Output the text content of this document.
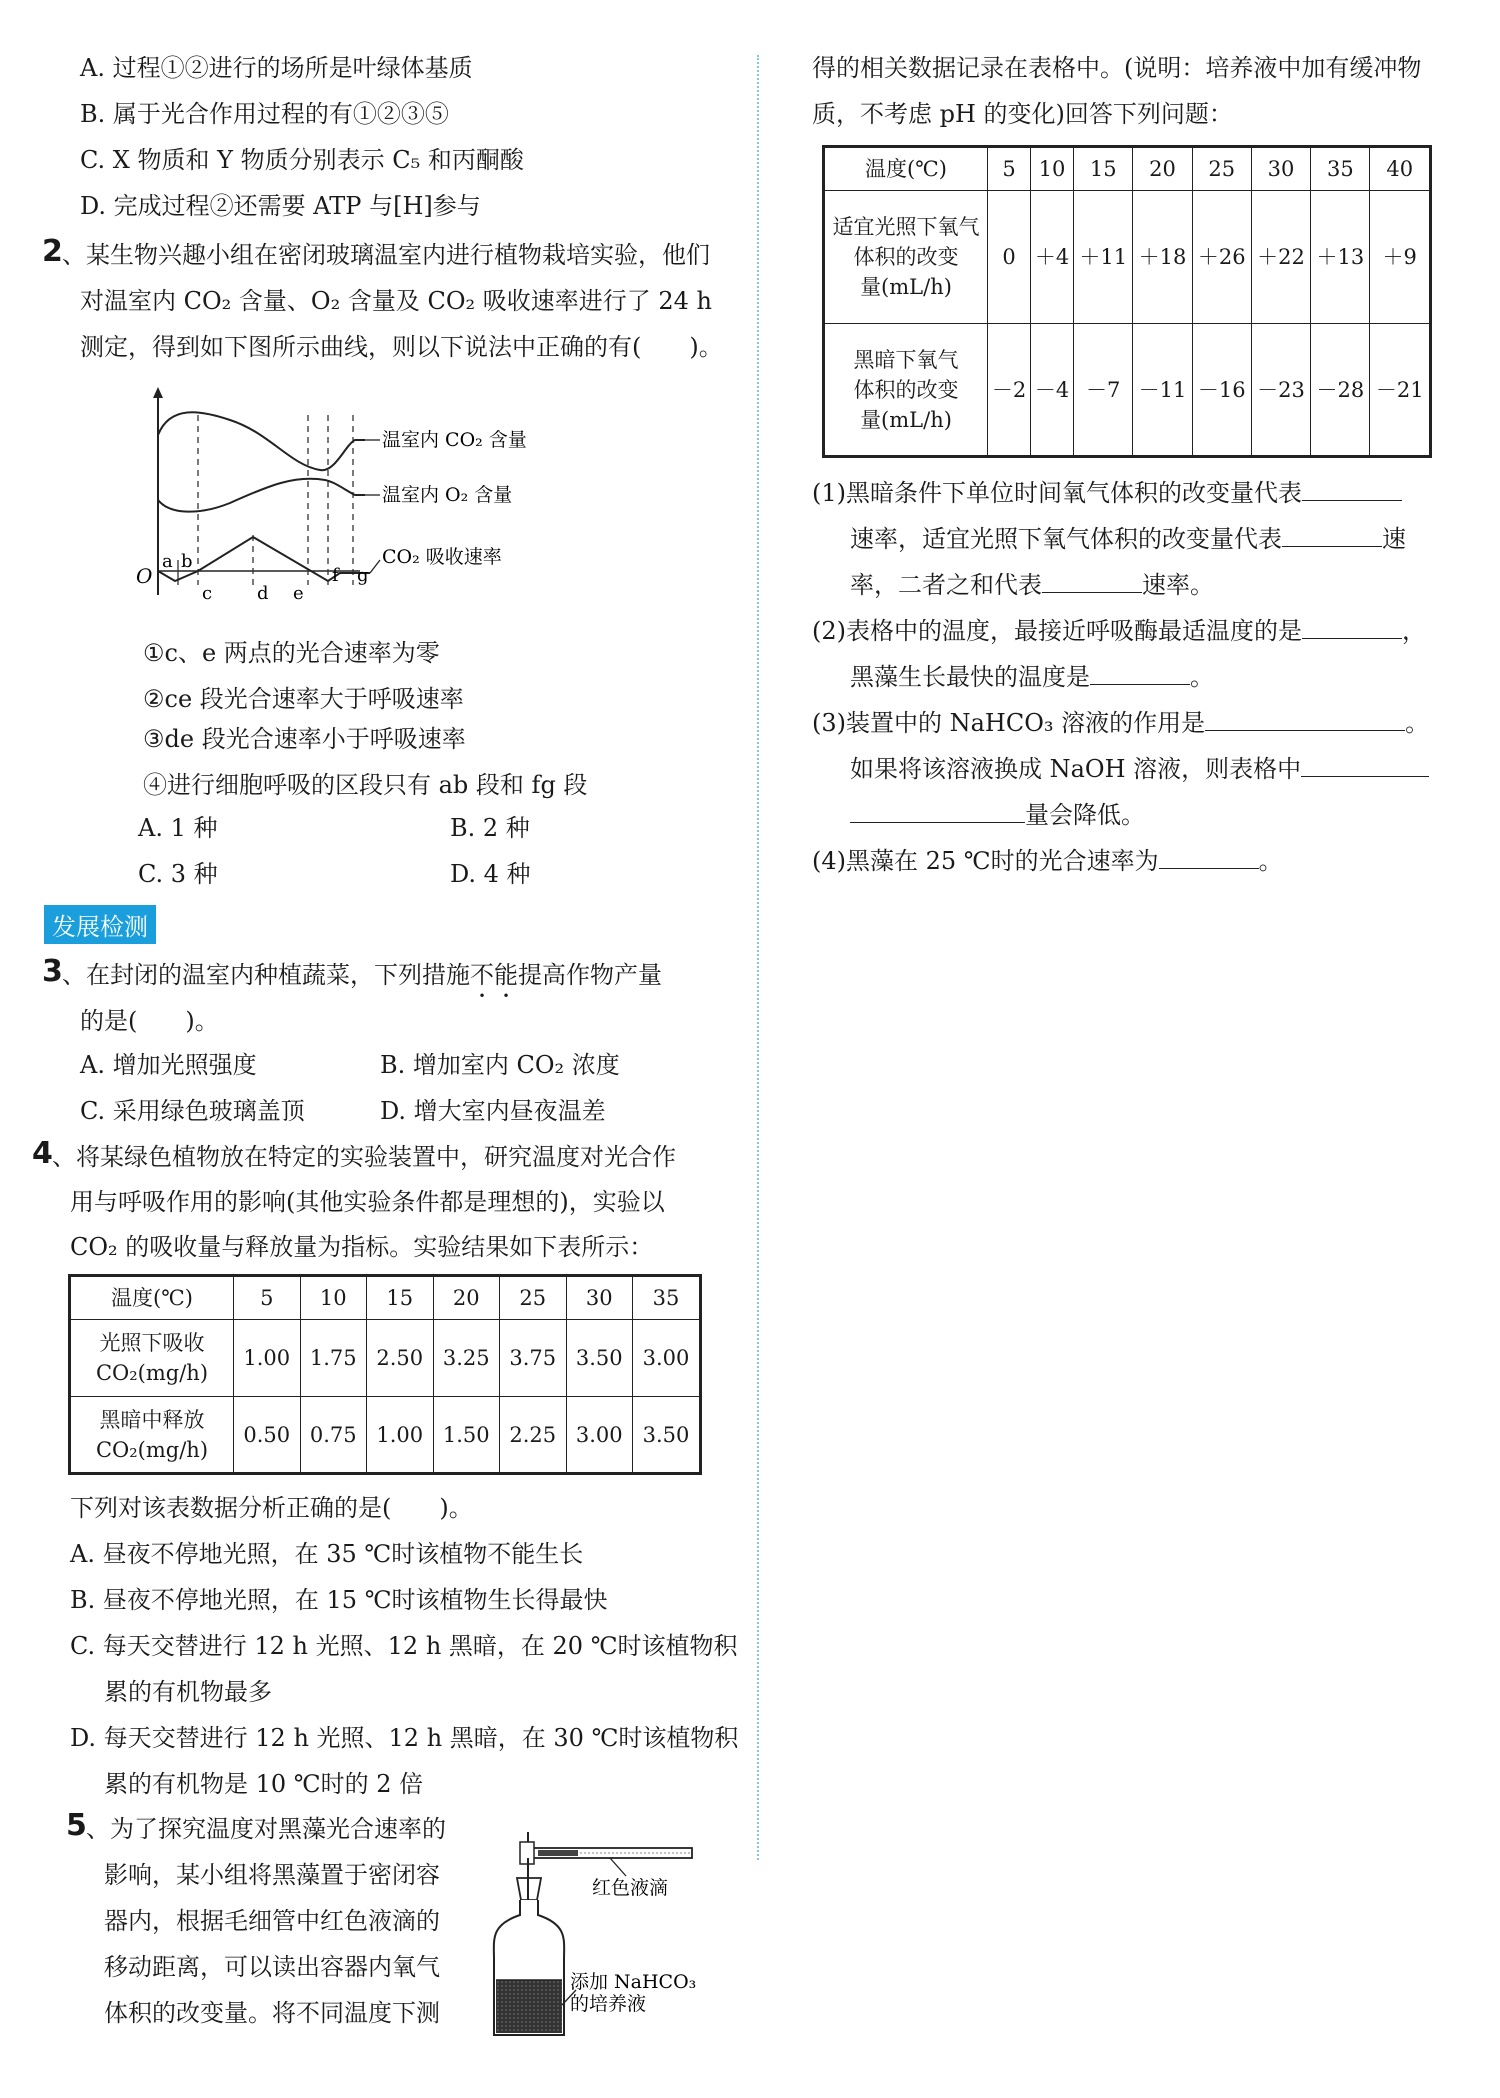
A. 过程①②进行的场所是叶绿体基质
B. 属于光合作用过程的有①②③⑤
C. X 物质和 Y 物质分别表示 C₅ 和丙酮酸
D. 完成过程②还需要 ATP 与[H]参与
2 、某生物兴趣小组在密闭玻璃温室内进行植物栽培实验，他们
对温室内 CO₂ 含量、O₂ 含量及 CO₂ 吸收速率进行了 24 h
测定，得到如下图所示曲线，则以下说法中正确的有(　　)。
温室内 CO₂ 含量
温室内 O₂ 含量
CO₂ 吸收速率
O
a b
c d e
f g
①c、e 两点的光合速率为零
②ce 段光合速率大于呼吸速率
③de 段光合速率小于呼吸速率
④进行细胞呼吸的区段只有 ab 段和 fg 段
A. 1 种	B. 2 种
C. 3 种	D. 4 种
发展检测
3 、在封闭的温室内种植蔬菜，下列措施不能提高作物产量
的是(　　)。
A. 增加光照强度	B. 增加室内 CO₂ 浓度
C. 采用绿色玻璃盖顶	D. 增大室内昼夜温差
4 、将某绿色植物放在特定的实验装置中，研究温度对光合作
用与呼吸作用的影响(其他实验条件都是理想的)，实验以
CO₂ 的吸收量与释放量为指标。实验结果如下表所示：
温度(℃)	5	10	15	20	25	30	35

光照下吸收
CO₂(mg/h)	1.00	1.75	2.50	3.25	3.75	3.50	3.00

黑暗中释放
CO₂(mg/h)	0.50	0.75	1.00	1.50	2.25	3.00	3.50
下列对该表数据分析正确的是(　　)。
A. 昼夜不停地光照，在 35 ℃时该植物不能生长
B. 昼夜不停地光照，在 15 ℃时该植物生长得最快
C. 每天交替进行 12 h 光照、12 h 黑暗，在 20 ℃时该植物积
累的有机物最多
D. 每天交替进行 12 h 光照、12 h 黑暗，在 30 ℃时该植物积
累的有机物是 10 ℃时的 2 倍
5 、为了探究温度对黑藻光合速率的
影响，某小组将黑藻置于密闭容
器内，根据毛细管中红色液滴的
移动距离，可以读出容器内氧气
体积的改变量。将不同温度下测
红色液滴
添加 NaHCO₃
的培养液
得的相关数据记录在表格中。(说明：培养液中加有缓冲物
质，不考虑 pH 的变化)回答下列问题：
温度(℃)	5	10	15	20	25	30	35	40

适宜光照下氧气
体积的改变
量(mL/h)	0	＋4	＋11	＋18	＋26	＋22	＋13	＋9

黑暗下氧气
体积的改变
量(mL/h)	－2	－4	－7	－11	－16	－23	－28	－21
(1)黑暗条件下单位时间氧气体积的改变量代表
速率，适宜光照下氧气体积的改变量代表	速
率，二者之和代表	速率。
(2)表格中的温度，最接近呼吸酶最适温度的是	，
黑藻生长最快的温度是	。
(3)装置中的 NaHCO₃ 溶液的作用是	。
如果将该溶液换成 NaOH 溶液，则表格中
量会降低。
(4)黑藻在 25 ℃时的光合速率为	。
